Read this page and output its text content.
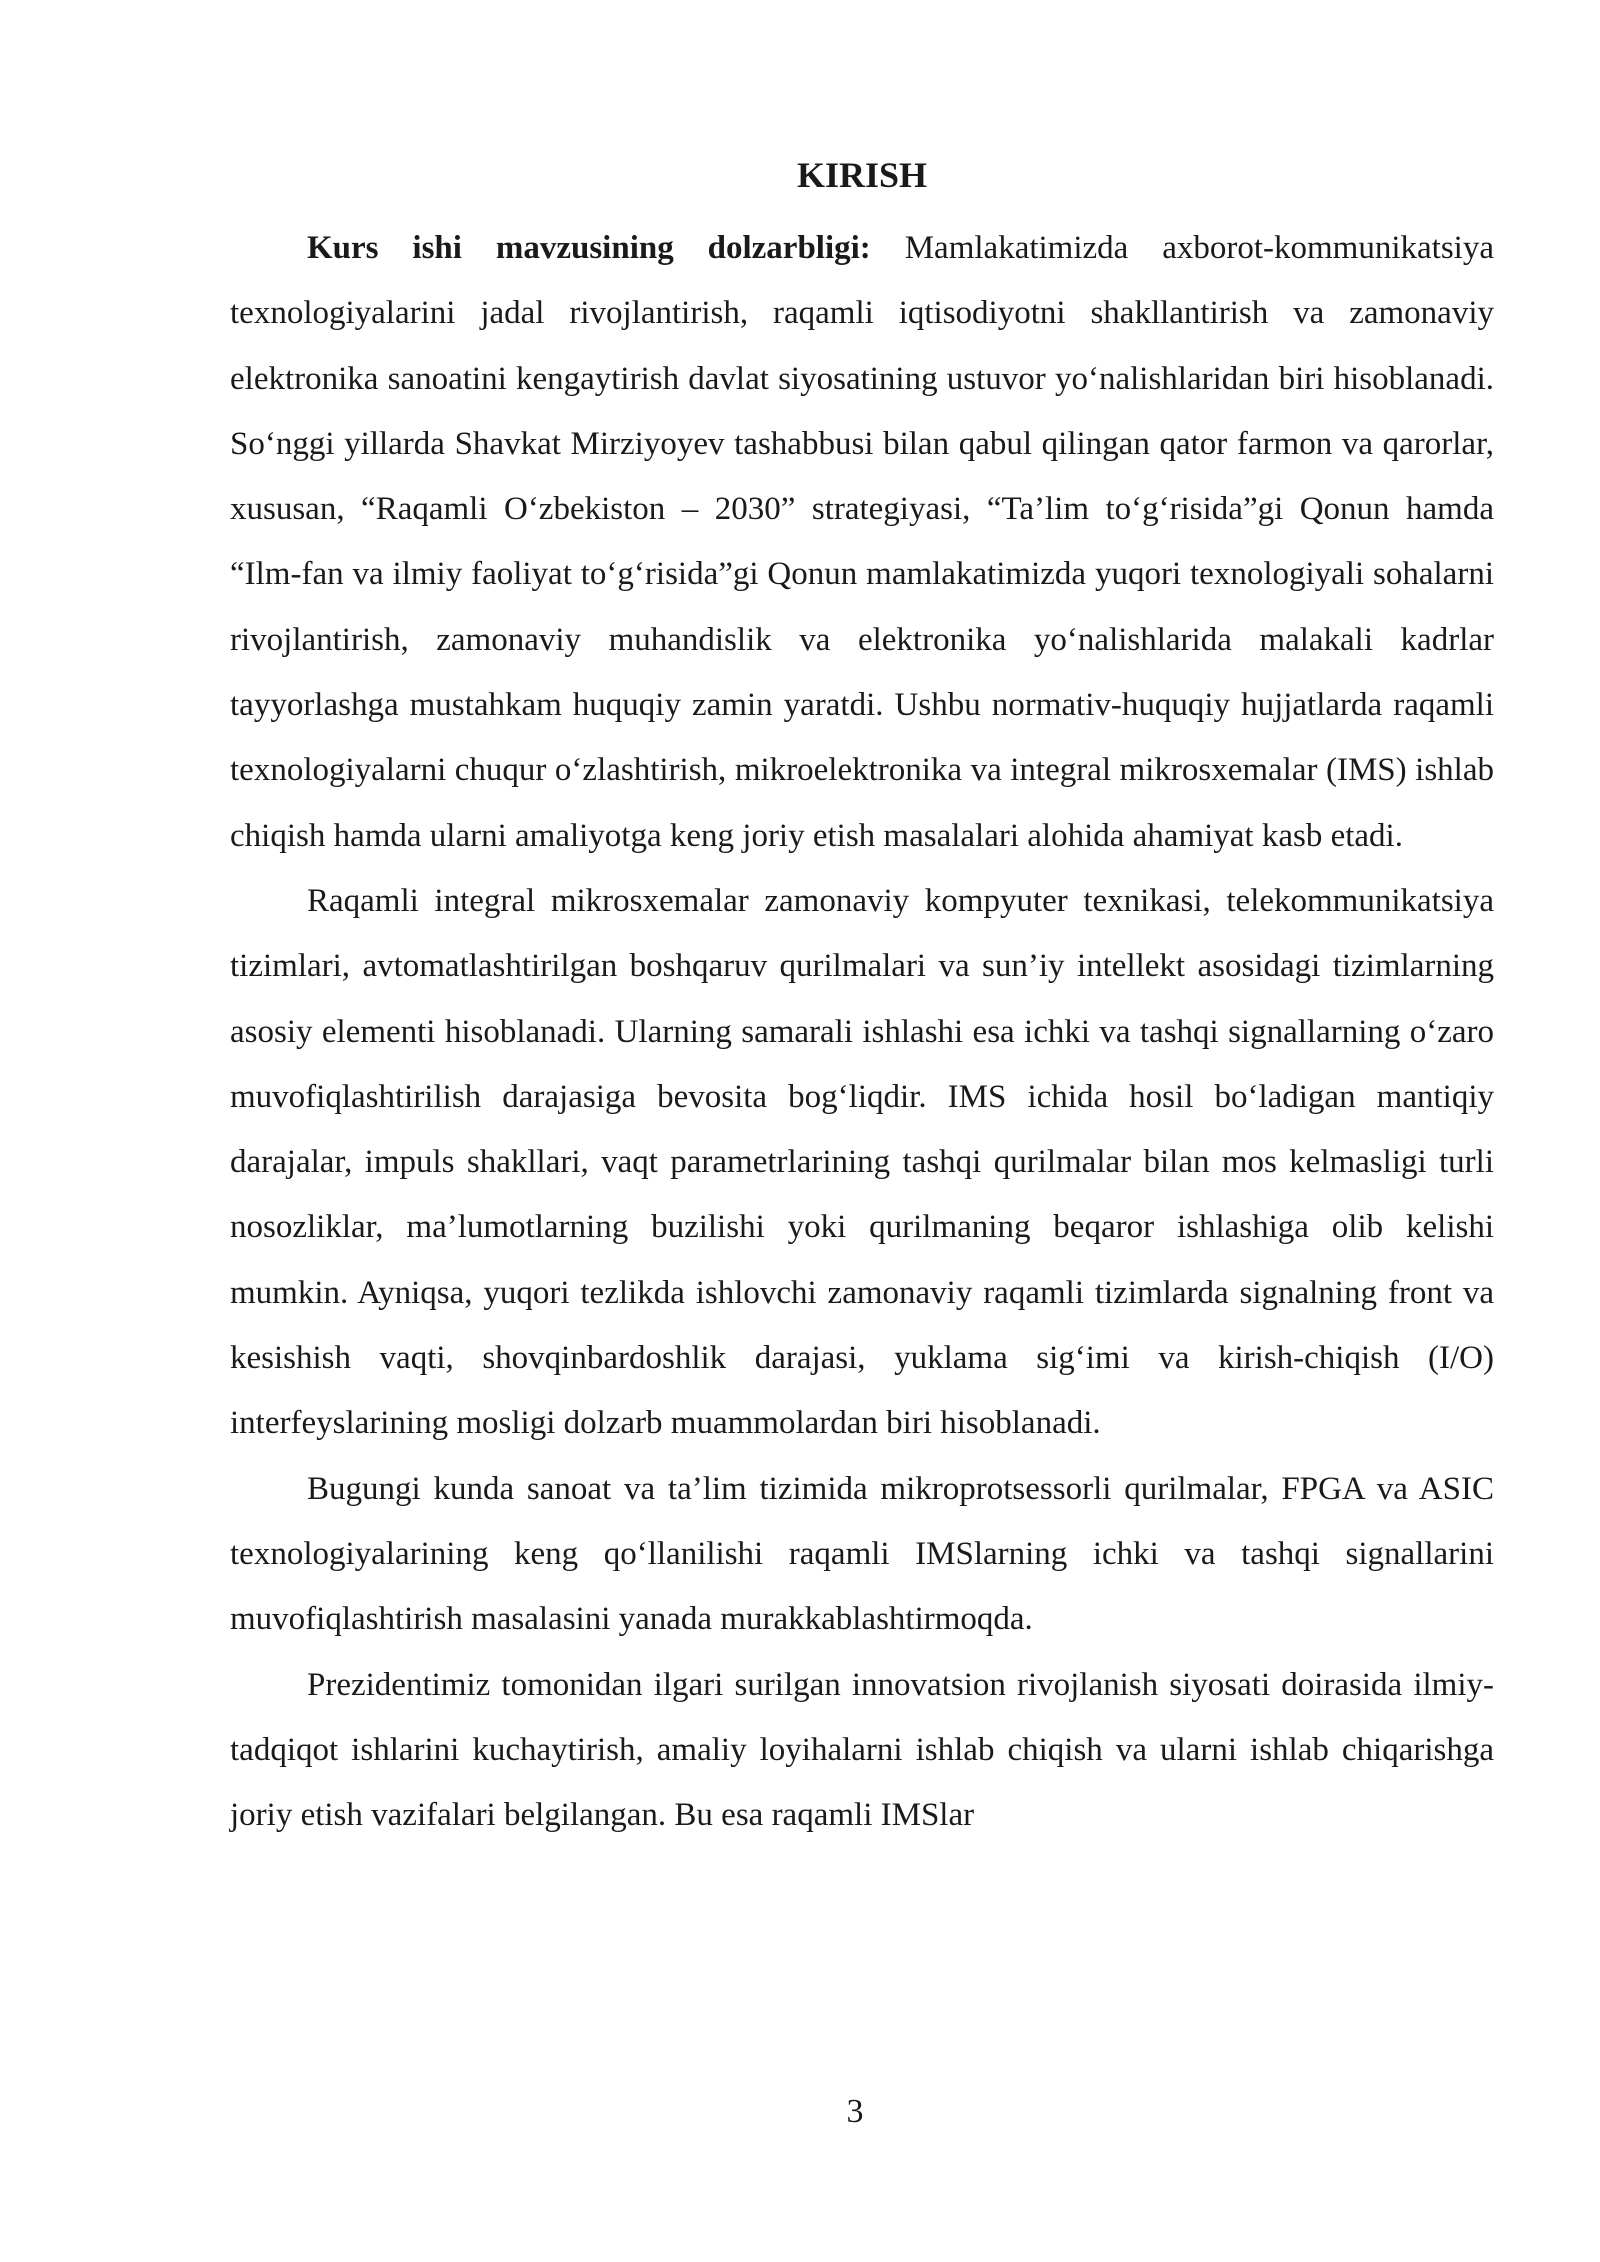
KIRISH

Kurs ishi mavzusining dolzarbligi: Mamlakatimizda axborot-kommunikatsiya texnologiyalarini jadal rivojlantirish, raqamli iqtisodiyotni shakllantirish va zamonaviy elektronika sanoatini kengaytirish davlat siyosatining ustuvor yo‘nalishlaridan biri hisoblanadi. So‘nggi yillarda Shavkat Mirziyoyev tashabbusi bilan qabul qilingan qator farmon va qarorlar, xususan, “Raqamli O‘zbekiston – 2030” strategiyasi, “Ta’lim to‘g‘risida”gi Qonun hamda “Ilm-fan va ilmiy faoliyat to‘g‘risida”gi Qonun mamlakatimizda yuqori texnologiyali sohalarni rivojlantirish, zamonaviy muhandislik va elektronika yo‘nalishlarida malakali kadrlar tayyorlashga mustahkam huquqiy zamin yaratdi. Ushbu normativ-huquqiy hujjatlarda raqamli texnologiyalarni chuqur o‘zlashtirish, mikroelektronika va integral mikrosxemalar (IMS) ishlab chiqish hamda ularni amaliyotga keng joriy etish masalalari alohida ahamiyat kasb etadi.

Raqamli integral mikrosxemalar zamonaviy kompyuter texnikasi, telekommunikatsiya tizimlari, avtomatlashtirilgan boshqaruv qurilmalari va sun’iy intellekt asosidagi tizimlarning asosiy elementi hisoblanadi. Ularning samarali ishlashi esa ichki va tashqi signallarning o‘zaro muvofiqlashtirilish darajasiga bevosita bog‘liqdir. IMS ichida hosil bo‘ladigan mantiqiy darajalar, impuls shakllari, vaqt parametrlarining tashqi qurilmalar bilan mos kelmasligi turli nosozliklar, ma’lumotlarning buzilishi yoki qurilmaning beqaror ishlashiga olib kelishi mumkin. Ayniqsa, yuqori tezlikda ishlovchi zamonaviy raqamli tizimlarda signalning front va kesishish vaqti, shovqinbardoshlik darajasi, yuklama sig‘imi va kirish-chiqish (I/O) interfeyslarining mosligi dolzarb muammolardan biri hisoblanadi.

Bugungi kunda sanoat va ta’lim tizimida mikroprotsessorli qurilmalar, FPGA va ASIC texnologiyalarining keng qo‘llanilishi raqamli IMSlarning ichki va tashqi signallarini muvofiqlashtirish masalasini yanada murakkablashtirmoqda.

Prezidentimiz tomonidan ilgari surilgan innovatsion rivojlanish siyosati doirasida ilmiy-tadqiqot ishlarini kuchaytirish, amaliy loyihalarni ishlab chiqish va ularni ishlab chiqarishga joriy etish vazifalari belgilangan. Bu esa raqamli IMSlar

3
